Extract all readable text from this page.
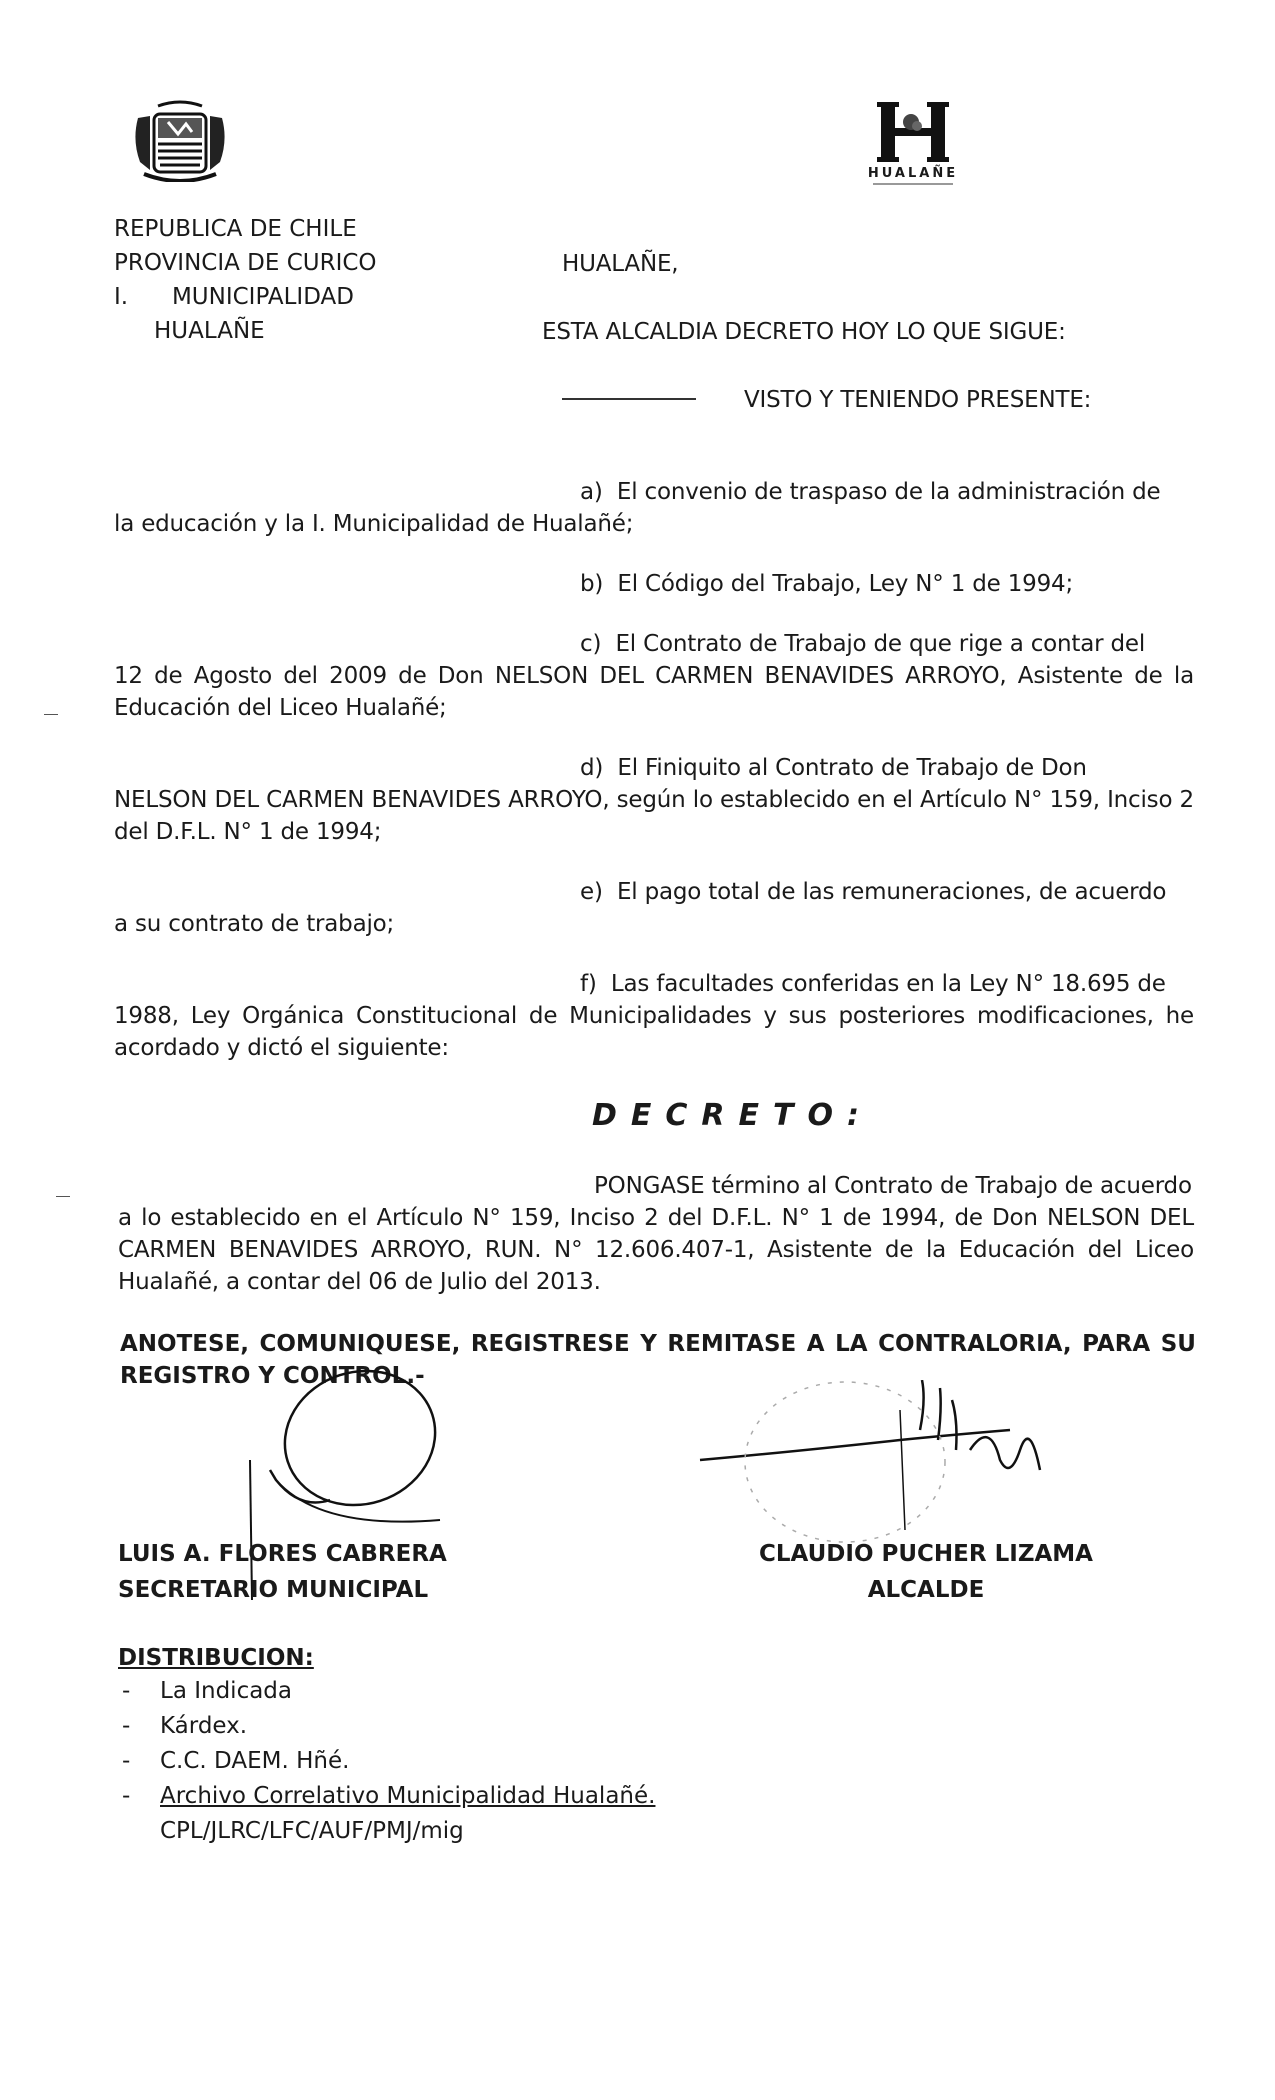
HUALAÑE
REPUBLICA DE CHILE
PROVINCIA DE CURICO
I.      MUNICIPALIDAD
HUALAÑE
HUALAÑE,
ESTA ALCALDIA DECRETO HOY LO QUE SIGUE:
VISTO Y TENIENDO PRESENTE:
a) El convenio de traspaso de la administración de
la educación y la I. Municipalidad de Hualañé;
b) El Código del Trabajo, Ley N° 1 de 1994;
c) El Contrato de Trabajo de que rige a contar del
12 de Agosto del 2009 de Don NELSON DEL CARMEN BENAVIDES ARROYO, Asistente de la Educación del Liceo Hualañé;
d) El Finiquito al Contrato de Trabajo de Don
NELSON DEL CARMEN BENAVIDES ARROYO, según lo establecido en el Artículo N° 159, Inciso 2 del D.F.L. N° 1 de 1994;
e) El pago total de las remuneraciones, de acuerdo
a su contrato de trabajo;
f) Las facultades conferidas en la Ley N° 18.695 de
1988, Ley Orgánica Constitucional de Municipalidades y sus posteriores modificaciones, he acordado y dictó el siguiente:
DECRETO:
PONGASE término al Contrato de Trabajo de acuerdo
a lo establecido en el Artículo N° 159, Inciso 2 del D.F.L. N° 1 de 1994, de Don NELSON DEL CARMEN BENAVIDES ARROYO, RUN. N° 12.606.407-1, Asistente de la Educación del Liceo Hualañé, a contar del 06 de Julio del 2013.
ANOTESE, COMUNIQUESE, REGISTRESE Y REMITASE A LA CONTRALORIA, PARA SU REGISTRO Y CONTROL.-
LUIS A. FLORES CABRERA
SECRETARIO MUNICIPAL
CLAUDIO PUCHER LIZAMA
ALCALDE
DISTRIBUCION:
- La Indicada
- Kárdex.
- C.C. DAEM. Hñé.
- Archivo Correlativo Municipalidad Hualañé.
CPL/JLRC/LFC/AUF/PMJ/mig
